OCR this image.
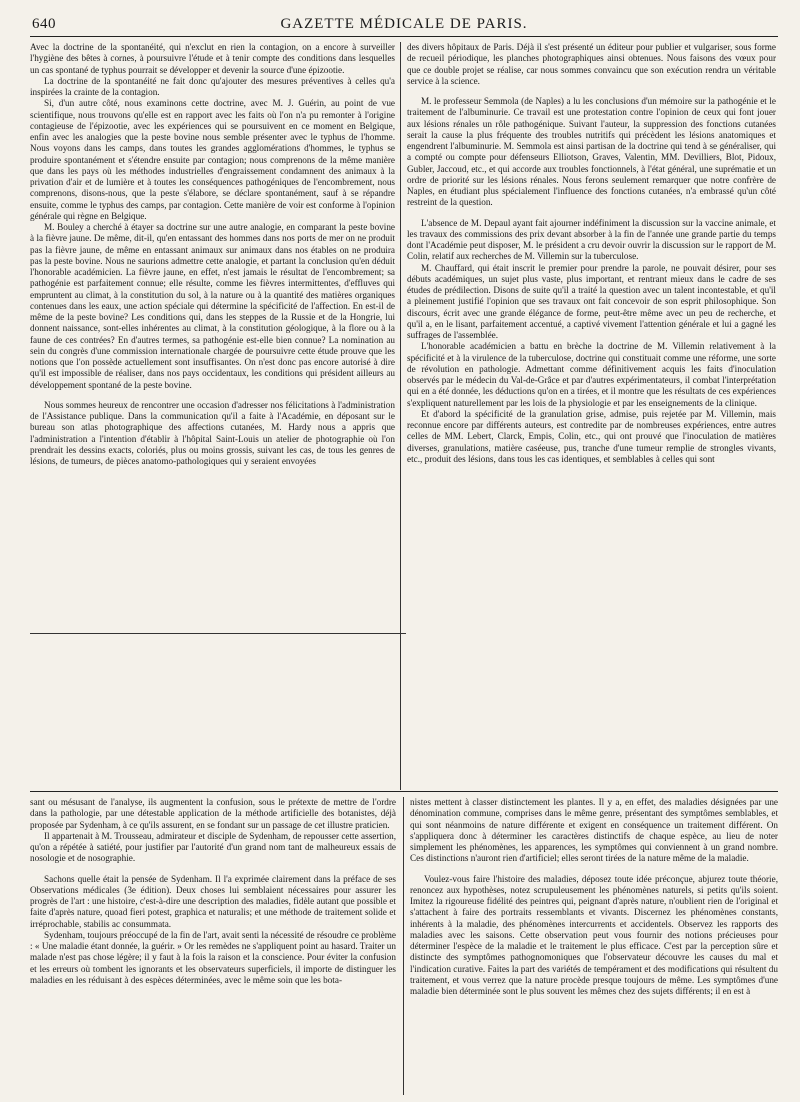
640	GAZETTE MÉDICALE DE PARIS.

Avec la doctrine de la spontanéité, qui n'exclut en rien la contagion, on a encore à surveiller l'hygiène des bêtes à cornes, à poursuivre l'étude et à tenir compte des conditions dans lesquelles un cas spontané de typhus pourrait se développer et devenir la source d'une épizootie.

La doctrine de la spontanéité ne fait donc qu'ajouter des mesures préventives à celles qu'a inspirées la crainte de la contagion.

Si, d'un autre côté, nous examinons cette doctrine, avec M. J. Guérin, au point de vue scientifique, nous trouvons qu'elle est en rapport avec les faits où l'on n'a pu remonter à l'origine contagieuse de l'épizootie, avec les expériences qui se poursuivent en ce moment en Belgique, enfin avec les analogies que la peste bovine nous semble présenter avec le typhus de l'homme. Nous voyons dans les camps, dans toutes les grandes agglomérations d'hommes, le typhus se produire spontanément et s'étendre ensuite par contagion; nous comprenons de la même manière que dans les pays où les méthodes industrielles d'engraissement condamnent des animaux à la privation d'air et de lumière et à toutes les conséquences pathogéniques de l'encombrement, nous comprenons, disons-nous, que la peste s'élabore, se déclare spontanément, sauf à se répandre ensuite, comme le typhus des camps, par contagion. Cette manière de voir est conforme à l'opinion générale qui règne en Belgique.

M. Bouley a cherché à étayer sa doctrine sur une autre analogie, en comparant la peste bovine à la fièvre jaune. De même, dit-il, qu'en entassant des hommes dans nos ports de mer on ne produit pas la fièvre jaune, de même en entassant animaux sur animaux dans nos étables on ne produira pas la peste bovine. Nous ne saurions admettre cette analogie, et partant la conclusion qu'en déduit l'honorable académicien. La fièvre jaune, en effet, n'est jamais le résultat de l'encombrement; sa pathogénie est parfaitement connue; elle résulte, comme les fièvres intermittentes, d'effluves qui empruntent au climat, à la constitution du sol, à la nature ou à la quantité des matières organiques contenues dans les eaux, une action spéciale qui détermine la spécificité de l'affection. En est-il de même de la peste bovine? Les conditions qui, dans les steppes de la Russie et de la Hongrie, lui donnent naissance, sont-elles inhérentes au climat, à la constitution géologique, à la flore ou à la faune de ces contrées? En d'autres termes, sa pathogénie est-elle bien connue? La nomination au sein du congrès d'une commission internationale chargée de poursuivre cette étude prouve que les notions que l'on possède actuellement sont insuffisantes. On n'est donc pas encore autorisé à dire qu'il est impossible de réaliser, dans nos pays occidentaux, les conditions qui président ailleurs au développement spontané de la peste bovine.

Nous sommes heureux de rencontrer une occasion d'adresser nos félicitations à l'administration de l'Assistance publique. Dans la communication qu'il a faite à l'Académie, en déposant sur le bureau son atlas photographique des affections cutanées, M. Hardy nous a appris que l'administration a l'intention d'établir à l'hôpital Saint-Louis un atelier de photographie où l'on prendrait les dessins exacts, coloriés, plus ou moins grossis, suivant les cas, de tous les genres de lésions, de tumeurs, de pièces anatomo-pathologiques qui y seraient envoyées

des divers hôpitaux de Paris. Déjà il s'est présenté un éditeur pour publier et vulgariser, sous forme de recueil périodique, les planches photographiques ainsi obtenues. Nous faisons des vœux pour que ce double projet se réalise, car nous sommes convaincu que son exécution rendra un véritable service à la science.

M. le professeur Semmola (de Naples) a lu les conclusions d'un mémoire sur la pathogénie et le traitement de l'albuminurie. Ce travail est une protestation contre l'opinion de ceux qui font jouer aux lésions rénales un rôle pathogénique. Suivant l'auteur, la suppression des fonctions cutanées serait la cause la plus fréquente des troubles nutritifs qui précèdent les lésions anatomiques et engendrent l'albuminurie. M. Semmola est ainsi partisan de la doctrine qui tend à se généraliser, qui a compté ou compte pour défenseurs Elliotson, Graves, Valentin, MM. Devilliers, Blot, Pidoux, Gubler, Jaccoud, etc., et qui accorde aux troubles fonctionnels, à l'état général, une suprématie et un ordre de priorité sur les lésions rénales. Nous ferons seulement remarquer que notre confrère de Naples, en étudiant plus spécialement l'influence des fonctions cutanées, n'a embrassé qu'un côté restreint de la question.

L'absence de M. Depaul ayant fait ajourner indéfiniment la discussion sur la vaccine animale, et les travaux des commissions des prix devant absorber à la fin de l'année une grande partie du temps dont l'Académie peut disposer, M. le président a cru devoir ouvrir la discussion sur le rapport de M. Colin, relatif aux recherches de M. Villemin sur la tuberculose.

M. Chauffard, qui était inscrit le premier pour prendre la parole, ne pouvait désirer, pour ses débuts académiques, un sujet plus vaste, plus important, et rentrant mieux dans le cadre de ses études de prédilection. Disons de suite qu'il a traité la question avec un talent incontestable, et qu'il a pleinement justifié l'opinion que ses travaux ont fait concevoir de son esprit philosophique. Son discours, écrit avec une grande élégance de forme, peut-être même avec un peu de recherche, et qu'il a, en le lisant, parfaitement accentué, a captivé vivement l'attention générale et lui a gagné les suffrages de l'assemblée.

L'honorable académicien a battu en brèche la doctrine de M. Villemin relativement à la spécificité et à la virulence de la tuberculose, doctrine qui constituait comme une réforme, une sorte de révolution en pathologie. Admettant comme définitivement acquis les faits d'inoculation observés par le médecin du Val-de-Grâce et par d'autres expérimentateurs, il combat l'interprétation qui en a été donnée, les déductions qu'on en a tirées, et il montre que les résultats de ces expériences s'expliquent naturellement par les lois de la physiologie et par les enseignements de la clinique.

Et d'abord la spécificité de la granulation grise, admise, puis rejetée par M. Villemin, mais reconnue encore par différents auteurs, est contredite par de nombreuses expériences, entre autres celles de MM. Lebert, Clarck, Empis, Colin, etc., qui ont prouvé que l'inoculation de matières diverses, granulations, matière caséeuse, pus, tranche d'une tumeur remplie de strongles vivants, etc., produit des lésions, dans tous les cas identiques, et semblables à celles qui sont

sant ou mésusant de l'analyse, ils augmentent la confusion, sous le prétexte de mettre de l'ordre dans la pathologie, par une détestable application de la méthode artificielle des botanistes, déjà proposée par Sydenham, à ce qu'ils assurent, en se fondant sur un passage de cet illustre praticien.

Il appartenait à M. Trousseau, admirateur et disciple de Sydenham, de repousser cette assertion, qu'on a répétée à satiété, pour justifier par l'autorité d'un grand nom tant de malheureux essais de nosologie et de nosographie.

Sachons quelle était la pensée de Sydenham. Il l'a exprimée clairement dans la préface de ses Observations médicales (3e édition). Deux choses lui semblaient nécessaires pour assurer les progrès de l'art : une histoire, c'est-à-dire une description des maladies, fidèle autant que possible et faite d'après nature, quoad fieri potest, graphica et naturalis; et une méthode de traitement solide et irréprochable, stabilis ac consummata.

Sydenham, toujours préoccupé de la fin de l'art, avait senti la nécessité de résoudre ce problème : « Une maladie étant donnée, la guérir. » Or les remèdes ne s'appliquent point au hasard. Traiter un malade n'est pas chose légère; il y faut à la fois la raison et la conscience. Pour éviter la confusion et les erreurs où tombent les ignorants et les observateurs superficiels, il importe de distinguer les maladies en les réduisant à des espèces déterminées, avec le même soin que les bota-

nistes mettent à classer distinctement les plantes. Il y a, en effet, des maladies désignées par une dénomination commune, comprises dans le même genre, présentant des symptômes semblables, et qui sont néanmoins de nature différente et exigent en conséquence un traitement différent. On s'appliquera donc à déterminer les caractères distinctifs de chaque espèce, au lieu de noter simplement les phénomènes, les apparences, les symptômes qui conviennent à un grand nombre. Ces distinctions n'auront rien d'artificiel; elles seront tirées de la nature même de la maladie.

Voulez-vous faire l'histoire des maladies, déposez toute idée préconçue, abjurez toute théorie, renoncez aux hypothèses, notez scrupuleusement les phénomènes naturels, si petits qu'ils soient. Imitez la rigoureuse fidélité des peintres qui, peignant d'après nature, n'oublient rien de l'original et s'attachent à faire des portraits ressemblants et vivants. Discernez les phénomènes constants, inhérents à la maladie, des phénomènes intercurrents et accidentels. Observez les rapports des maladies avec les saisons. Cette observation peut vous fournir des notions précieuses pour déterminer l'espèce de la maladie et le traitement le plus efficace. C'est par la perception sûre et distincte des symptômes pathognomoniques que l'observateur découvre les causes du mal et l'indication curative. Faites la part des variétés de tempérament et des modifications qui résultent du traitement, et vous verrez que la nature procède presque toujours de même. Les symptômes d'une maladie bien déterminée sont le plus souvent les mêmes chez des sujets différents; il en est à
